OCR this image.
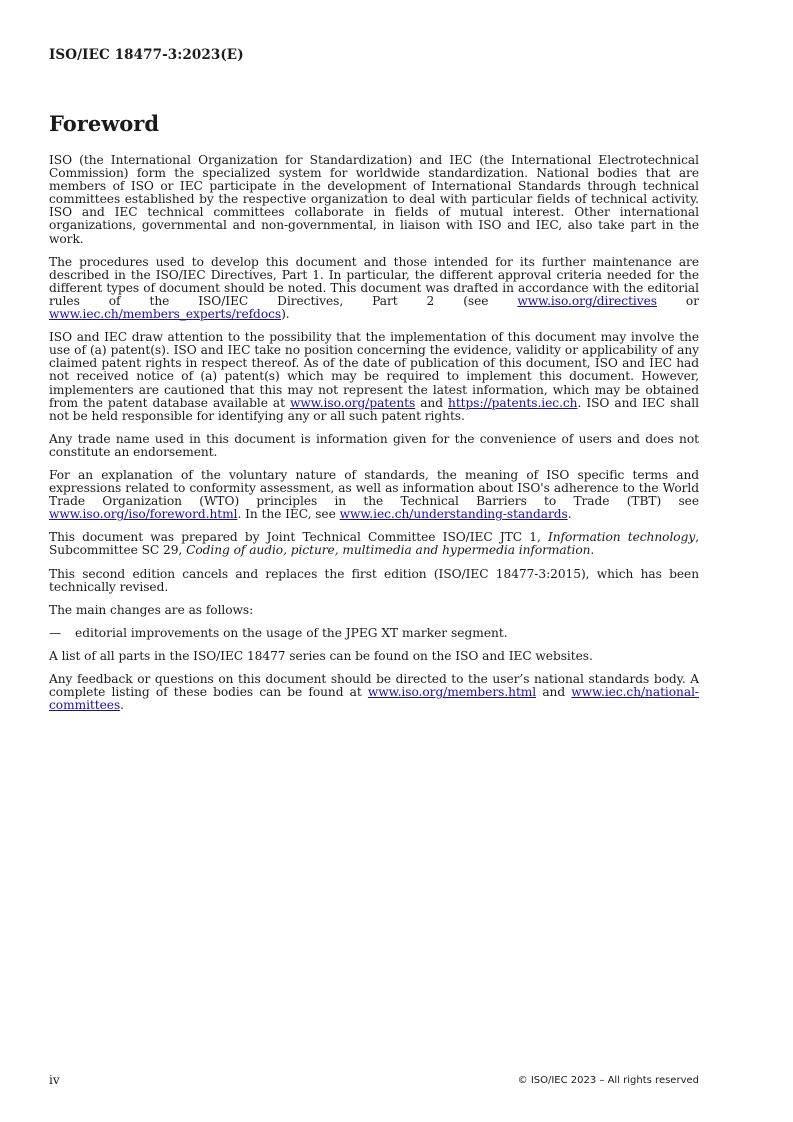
ISO/IEC 18477-3:2023(E)
Foreword

ISO (the International Organization for Standardization) and IEC (the International Electrotechnical Commission) form the specialized system for worldwide standardization. National bodies that are members of ISO or IEC participate in the development of International Standards through technical committees established by the respective organization to deal with particular fields of technical activity. ISO and IEC technical committees collaborate in fields of mutual interest. Other international organizations, governmental and non-governmental, in liaison with ISO and IEC, also take part in the work.

The procedures used to develop this document and those intended for its further maintenance are described in the ISO/IEC Directives, Part 1. In particular, the different approval criteria needed for the different types of document should be noted. This document was drafted in accordance with the editorial rules of the ISO/IEC Directives, Part 2 (see www.iso.org/directives or www.iec.ch/members_experts/refdocs).

ISO and IEC draw attention to the possibility that the implementation of this document may involve the use of (a) patent(s). ISO and IEC take no position concerning the evidence, validity or applicability of any claimed patent rights in respect thereof. As of the date of publication of this document, ISO and IEC had not received notice of (a) patent(s) which may be required to implement this document. However, implementers are cautioned that this may not represent the latest information, which may be obtained from the patent database available at www.iso.org/patents and https://patents.iec.ch. ISO and IEC shall not be held responsible for identifying any or all such patent rights.

Any trade name used in this document is information given for the convenience of users and does not constitute an endorsement.

For an explanation of the voluntary nature of standards, the meaning of ISO specific terms and expressions related to conformity assessment, as well as information about ISO's adherence to the World Trade Organization (WTO) principles in the Technical Barriers to Trade (TBT) see www.iso.org/iso/foreword.html. In the IEC, see www.iec.ch/understanding-standards.

This document was prepared by Joint Technical Committee ISO/IEC JTC 1, Information technology, Subcommittee SC 29, Coding of audio, picture, multimedia and hypermedia information.

This second edition cancels and replaces the first edition (ISO/IEC 18477-3:2015), which has been technically revised.

The main changes are as follows:

—	editorial improvements on the usage of the JPEG XT marker segment.

A list of all parts in the ISO/IEC 18477 series can be found on the ISO and IEC websites.

Any feedback or questions on this document should be directed to the user’s national standards body. A complete listing of these bodies can be found at www.iso.org/members.html and www.iec.ch/national-committees.

iv	© ISO/IEC 2023 – All rights reserved
